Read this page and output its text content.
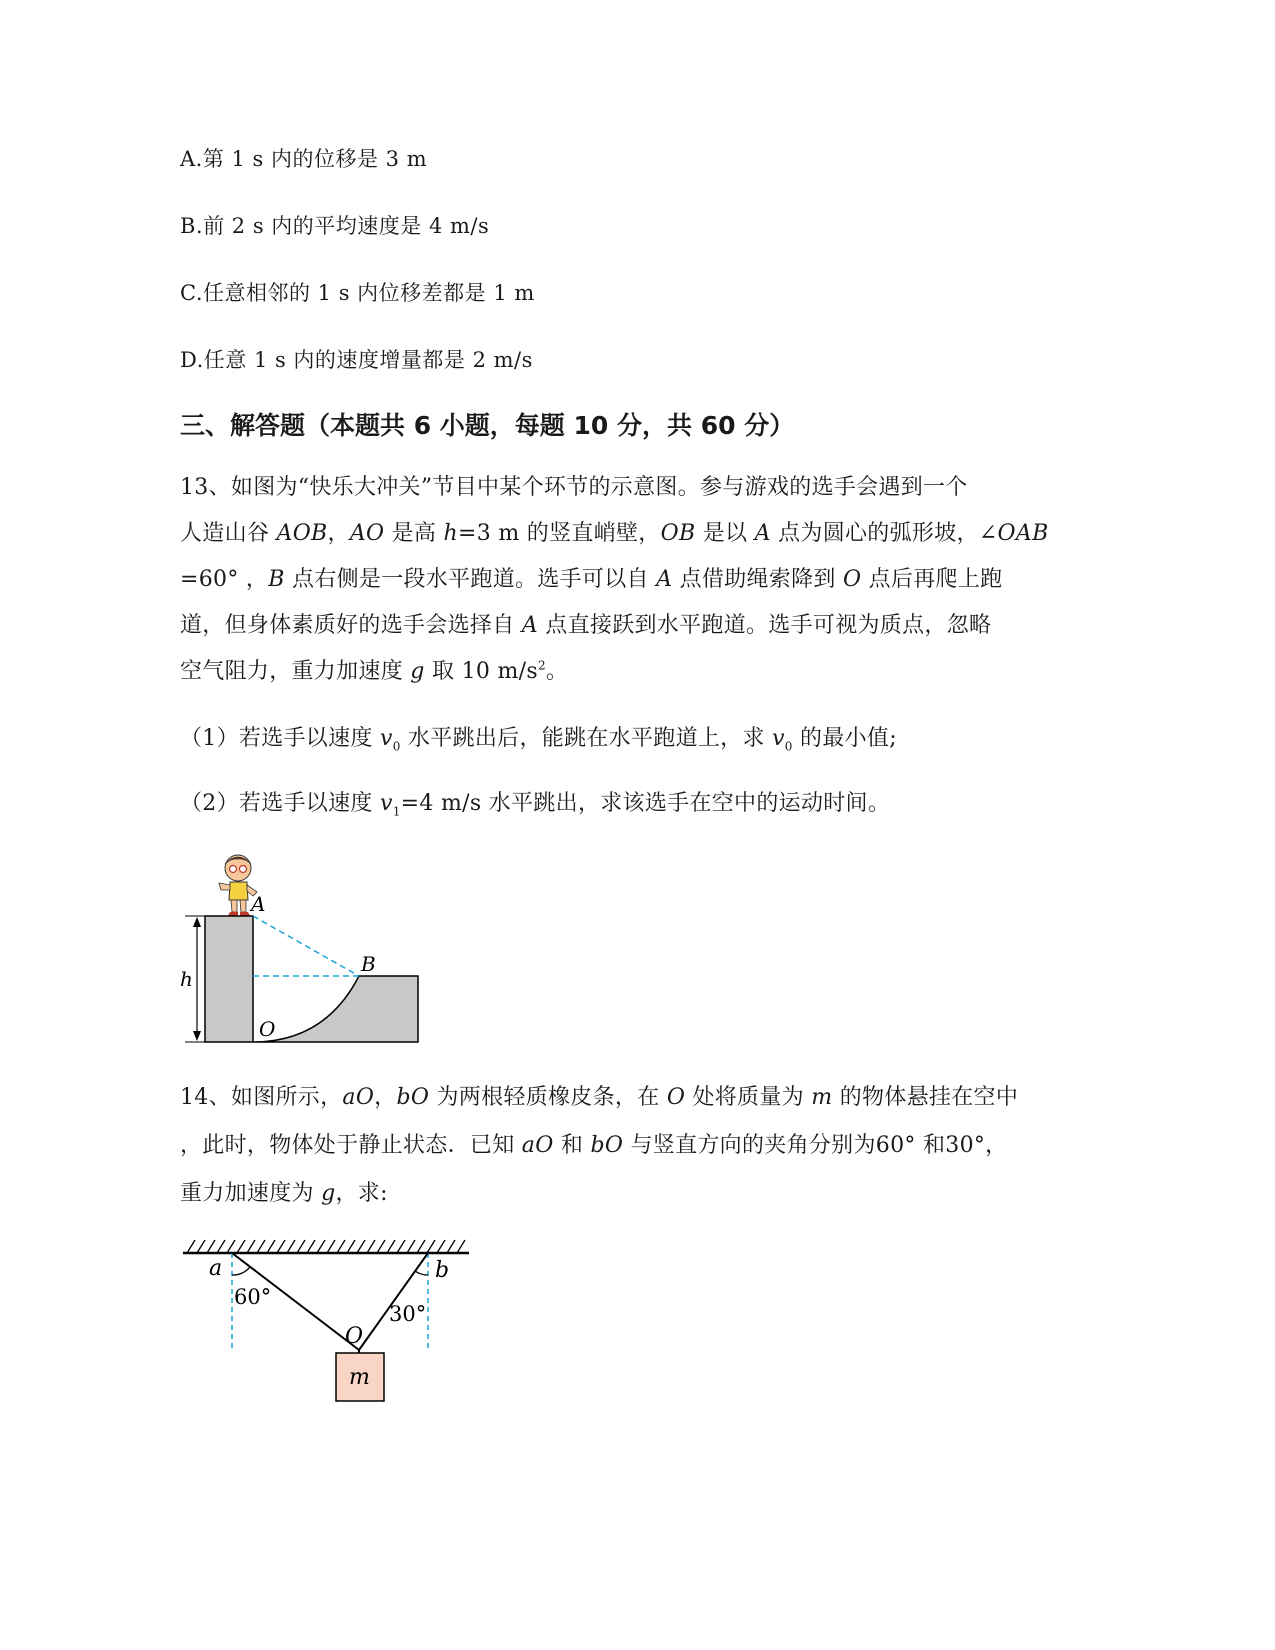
A.第 1 s 内的位移是 3 m
B.前 2 s 内的平均速度是 4 m/s
C.任意相邻的 1 s 内位移差都是 1 m
D.任意 1 s 内的速度增量都是 2 m/s
三、解答题（本题共 6 小题，每题 10 分，共 60 分）
13、如图为“快乐大冲关”节目中某个环节的示意图。参与游戏的选手会遇到一个
人造山谷 AOB，AO 是高 h=3 m 的竖直峭壁，OB 是以 A 点为圆心的弧形坡，∠OAB
=60° ，B 点右侧是一段水平跑道。选手可以自 A 点借助绳索降到 O 点后再爬上跑
道，但身体素质好的选手会选择自 A 点直接跃到水平跑道。选手可视为质点，忽略
空气阻力，重力加速度 g 取 10 $m/s^2$。
（1）若选手以速度 $v_0$ 水平跳出后，能跳在水平跑道上，求 $v_0$ 的最小值;
（2）若选手以速度 $v_1=4$ m/s 水平跳出，求该选手在空中的运动时间。
A
B
O
h
14、如图所示，aO，bO 为两根轻质橡皮条，在 O 处将质量为 m 的物体悬挂在空中
，此时，物体处于静止状态．已知 aO 和 bO 与竖直方向的夹角分别为60° 和30°，
重力加速度为 g，求:
a	b
O
m
60°
30°
